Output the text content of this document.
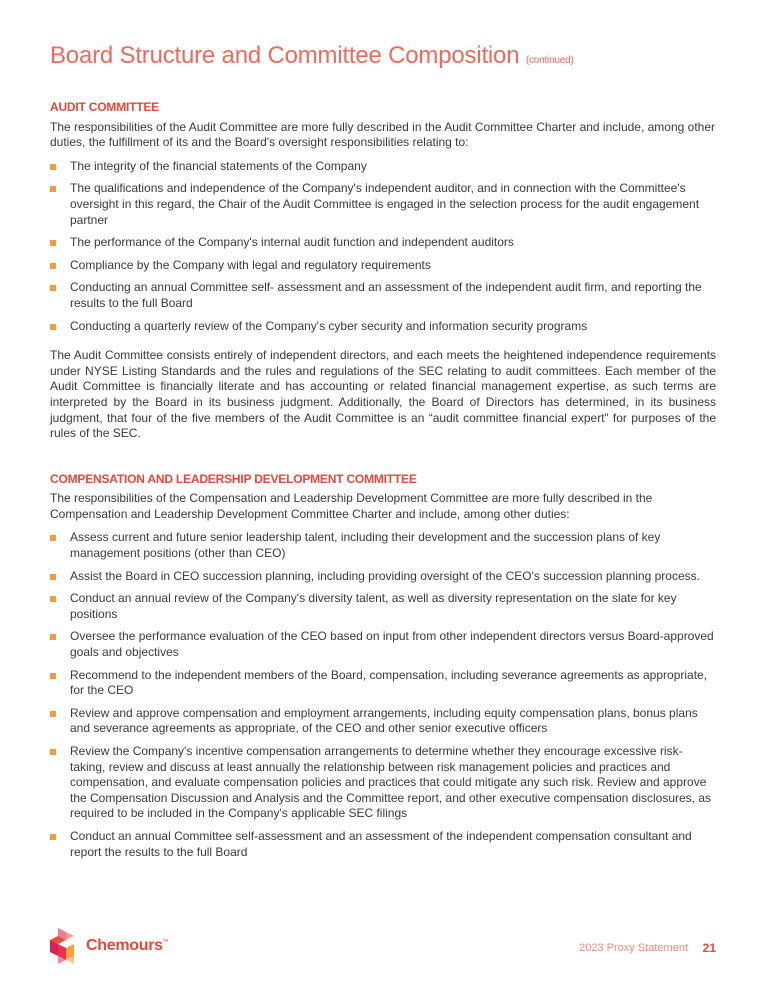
Board Structure and Committee Composition (continued)
AUDIT COMMITTEE

The responsibilities of the Audit Committee are more fully described in the Audit Committee Charter and include, among other duties, the fulfillment of its and the Board's oversight responsibilities relating to:

The integrity of the financial statements of the Company
The qualifications and independence of the Company's independent auditor, and in connection with the Committee's oversight in this regard, the Chair of the Audit Committee is engaged in the selection process for the audit engagement partner
The performance of the Company's internal audit function and independent auditors
Compliance by the Company with legal and regulatory requirements
Conducting an annual Committee self- assessment and an assessment of the independent audit firm, and reporting the results to the full Board
Conducting a quarterly review of the Company's cyber security and information security programs

The Audit Committee consists entirely of independent directors, and each meets the heightened independence requirements under NYSE Listing Standards and the rules and regulations of the SEC relating to audit committees. Each member of the Audit Committee is financially literate and has accounting or related financial management expertise, as such terms are interpreted by the Board in its business judgment. Additionally, the Board of Directors has determined, in its business judgment, that four of the five members of the Audit Committee is an “audit committee financial expert” for purposes of the rules of the SEC.

COMPENSATION AND LEADERSHIP DEVELOPMENT COMMITTEE

The responsibilities of the Compensation and Leadership Development Committee are more fully described in the Compensation and Leadership Development Committee Charter and include, among other duties:

Assess current and future senior leadership talent, including their development and the succession plans of key management positions (other than CEO)
Assist the Board in CEO succession planning, including providing oversight of the CEO's succession planning process.
Conduct an annual review of the Company's diversity talent, as well as diversity representation on the slate for key positions
Oversee the performance evaluation of the CEO based on input from other independent directors versus Board-approved goals and objectives
Recommend to the independent members of the Board, compensation, including severance agreements as appropriate, for the CEO
Review and approve compensation and employment arrangements, including equity compensation plans, bonus plans and severance agreements as appropriate, of the CEO and other senior executive officers
Review the Company's incentive compensation arrangements to determine whether they encourage excessive risk-taking, review and discuss at least annually the relationship between risk management policies and practices and compensation, and evaluate compensation policies and practices that could mitigate any such risk. Review and approve the Compensation Discussion and Analysis and the Committee report, and other executive compensation disclosures, as required to be included in the Company's applicable SEC filings
Conduct an annual Committee self-assessment and an assessment of the independent compensation consultant and report the results to the full Board
Chemours™	2023 Proxy Statement 21
